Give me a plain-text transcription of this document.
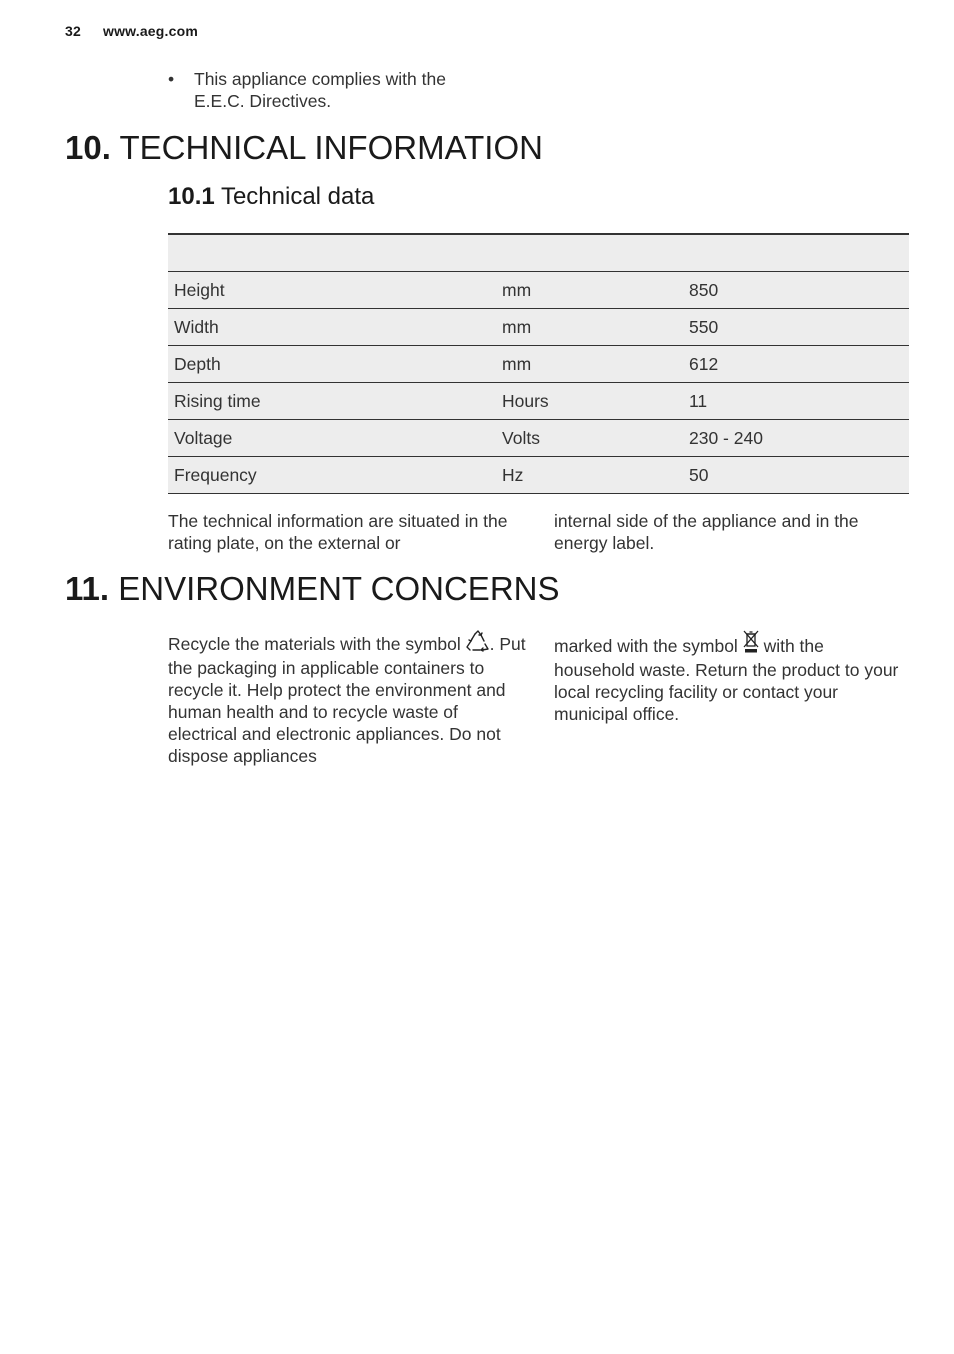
32 www.aeg.com
• This appliance complies with the E.E.C. Directives.
10. TECHNICAL INFORMATION
10.1 Technical data

Height	mm	850
Width	mm	550
Depth	mm	612
Rising time	Hours	11
Voltage	Volts	230 - 240
Frequency	Hz	50

The technical information are situated in the rating plate, on the external or

internal side of the appliance and in the energy label.

11. ENVIRONMENT CONCERNS

Recycle the materials with the symbol . Put the packaging in applicable containers to recycle it. Help protect the environment and human health and to recycle waste of electrical and electronic appliances. Do not dispose appliances

marked with the symbol  with the household waste. Return the product to your local recycling facility or contact your municipal office.
